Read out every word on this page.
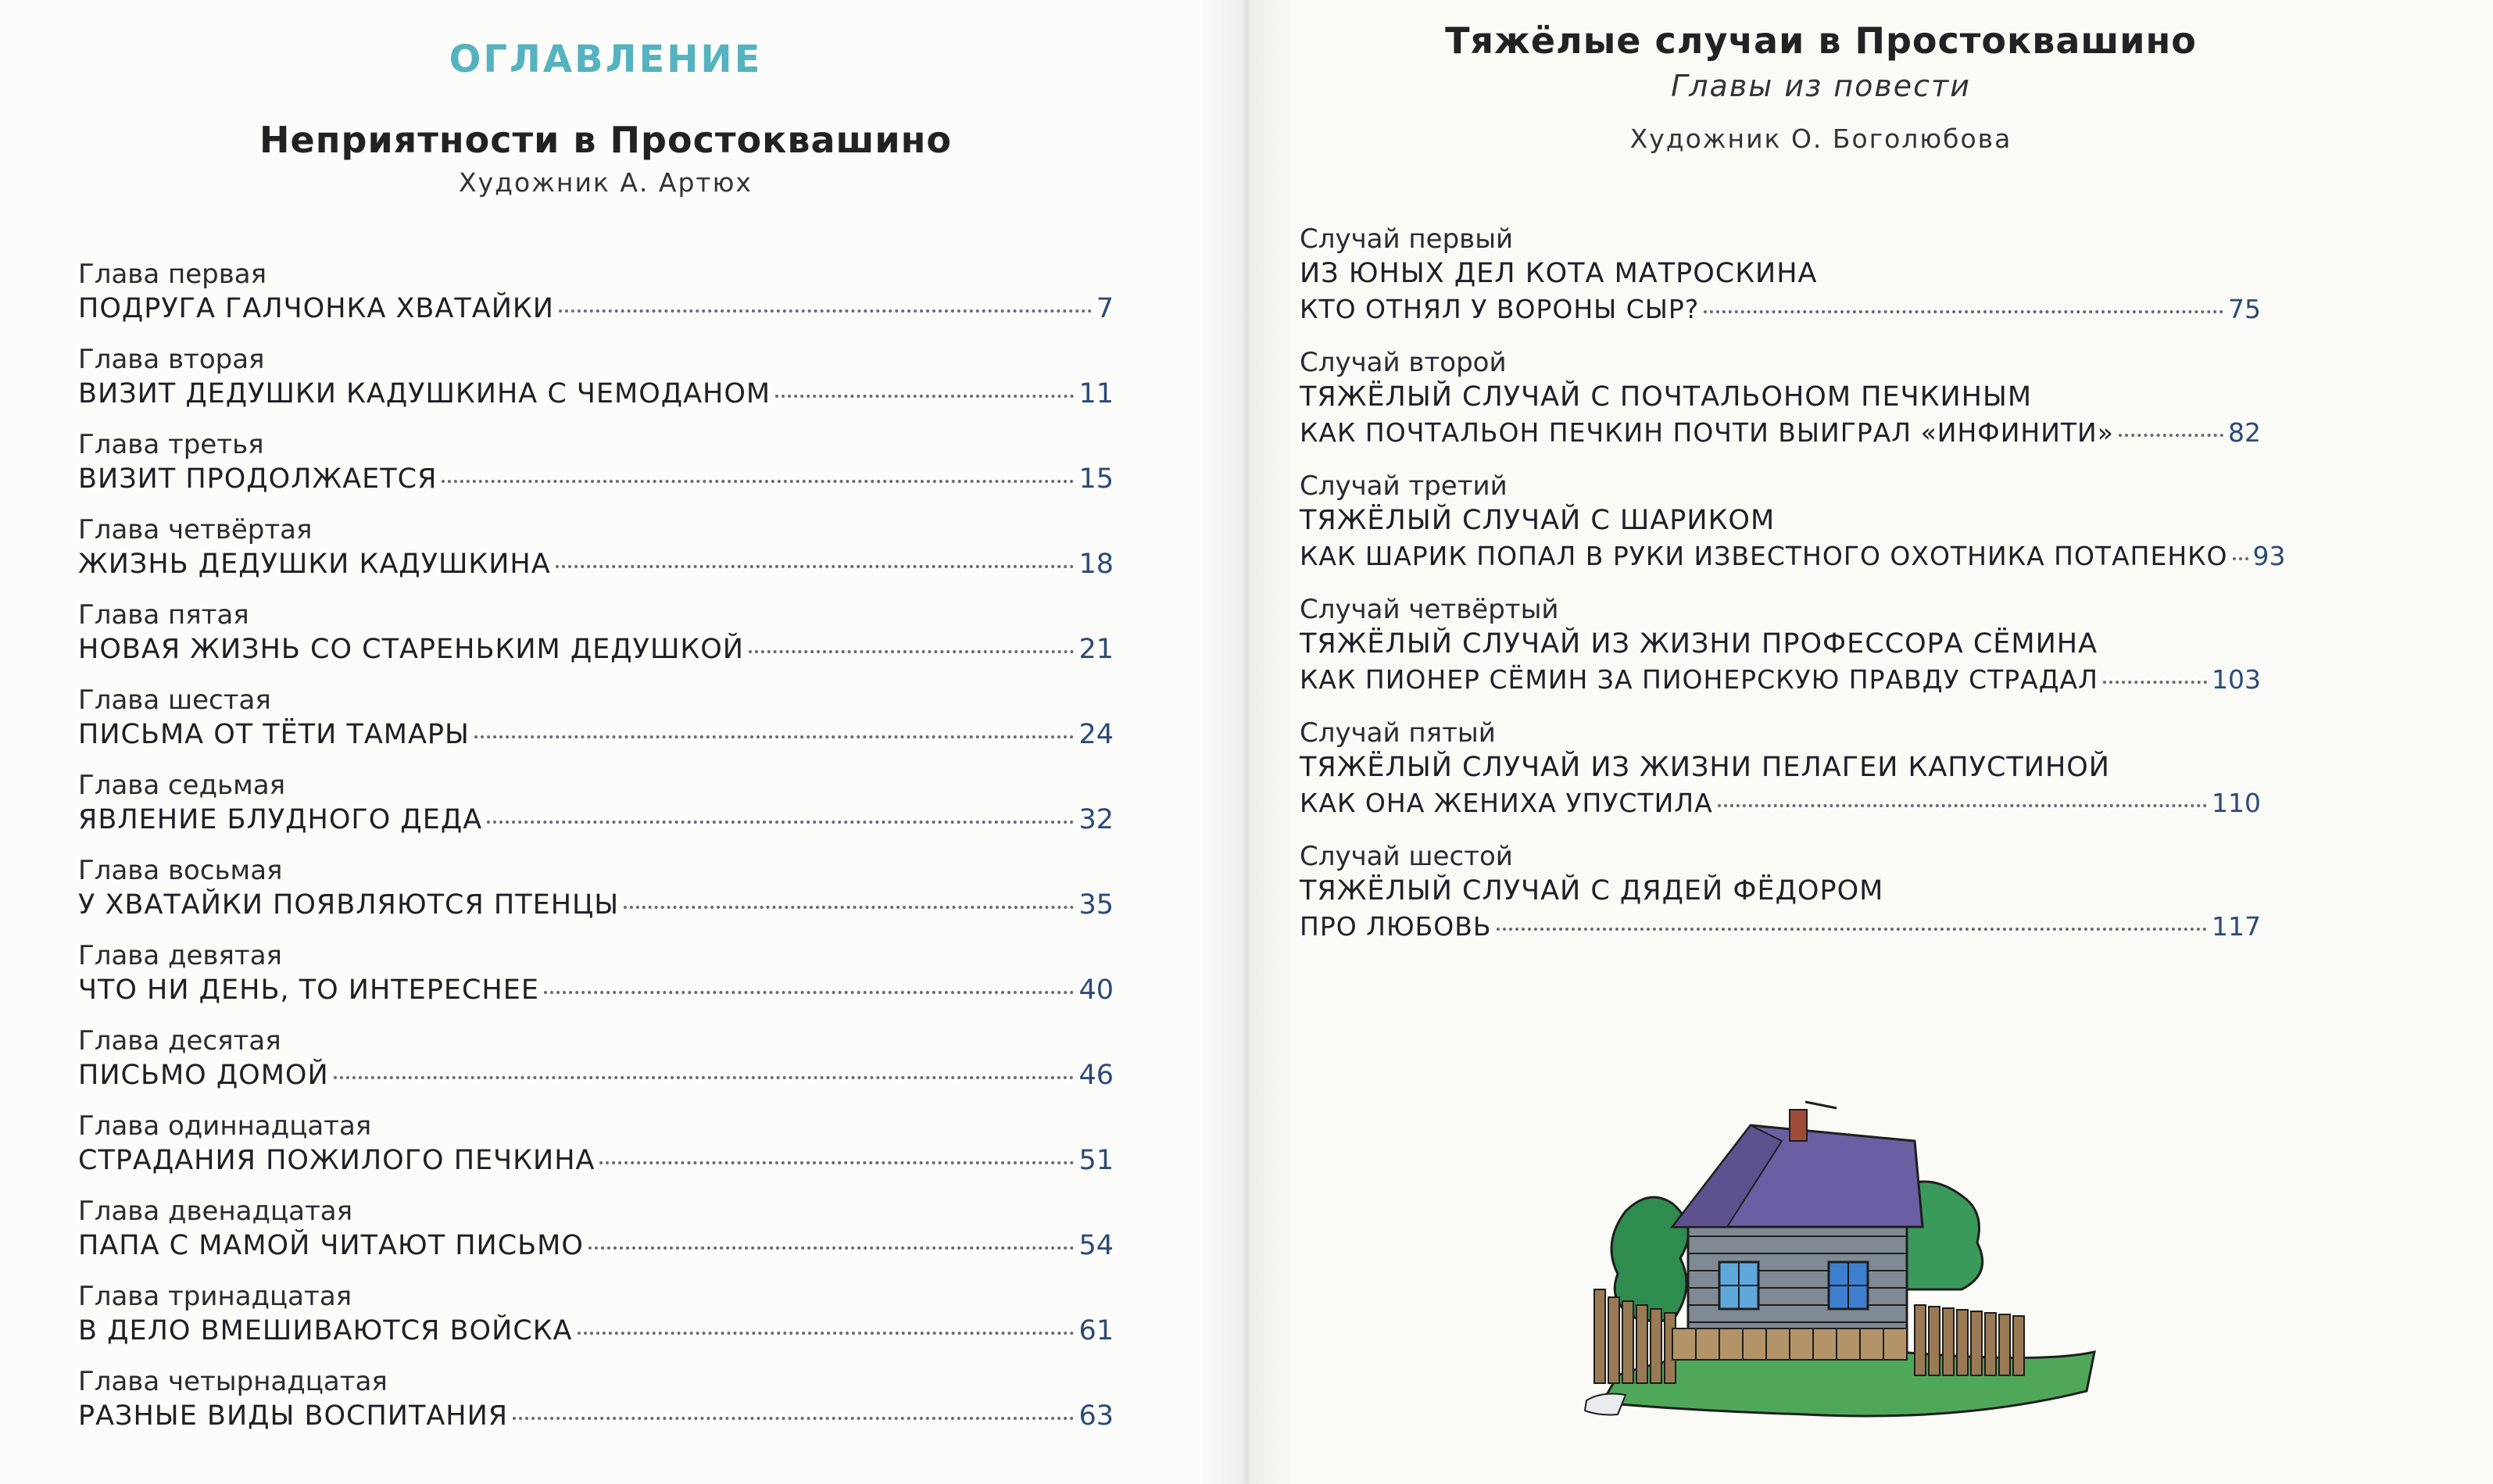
ОГЛАВЛЕНИЕ
Неприятности в Простоквашино
Художник А. Артюх
Глава первая
ПОДРУГА ГАЛЧОНКА ХВАТАЙКИ	7
Глава вторая
ВИЗИТ ДЕДУШКИ КАДУШКИНА С ЧЕМОДАНОМ	11
Глава третья
ВИЗИТ ПРОДОЛЖАЕТСЯ	15
Глава четвёртая
ЖИЗНЬ ДЕДУШКИ КАДУШКИНА	18
Глава пятая
НОВАЯ ЖИЗНЬ СО СТАРЕНЬКИМ ДЕДУШКОЙ	21
Глава шестая
ПИСЬМА ОТ ТЁТИ ТАМАРЫ	24
Глава седьмая
ЯВЛЕНИЕ БЛУДНОГО ДЕДА	32
Глава восьмая
У ХВАТАЙКИ ПОЯВЛЯЮТСЯ ПТЕНЦЫ	35
Глава девятая
ЧТО НИ ДЕНЬ, ТО ИНТЕРЕСНЕЕ	40
Глава десятая
ПИСЬМО ДОМОЙ	46
Глава одиннадцатая
СТРАДАНИЯ ПОЖИЛОГО ПЕЧКИНА	51
Глава двенадцатая
ПАПА С МАМОЙ ЧИТАЮТ ПИСЬМО	54
Глава тринадцатая
В ДЕЛО ВМЕШИВАЮТСЯ ВОЙСКА	61
Глава четырнадцатая
РАЗНЫЕ ВИДЫ ВОСПИТАНИЯ	63
Тяжёлые случаи в Простоквашино
Главы из повести
Художник О. Боголюбова
Случай первый
ИЗ ЮНЫХ ДЕЛ КОТА МАТРОСКИНА
КТО ОТНЯЛ У ВОРОНЫ СЫР?	75
Случай второй
ТЯЖЁЛЫЙ СЛУЧАЙ С ПОЧТАЛЬОНОМ ПЕЧКИНЫМ
КАК ПОЧТАЛЬОН ПЕЧКИН ПОЧТИ ВЫИГРАЛ «ИНФИНИТИ»	82
Случай третий
ТЯЖЁЛЫЙ СЛУЧАЙ С ШАРИКОМ
КАК ШАРИК ПОПАЛ В РУКИ ИЗВЕСТНОГО ОХОТНИКА ПОТАПЕНКО 93
Случай четвёртый
ТЯЖЁЛЫЙ СЛУЧАЙ ИЗ ЖИЗНИ ПРОФЕССОРА СЁМИНА
КАК ПИОНЕР СЁМИН ЗА ПИОНЕРСКУЮ ПРАВДУ СТРАДАЛ	103
Случай пятый
ТЯЖЁЛЫЙ СЛУЧАЙ ИЗ ЖИЗНИ ПЕЛАГЕИ КАПУСТИНОЙ
КАК ОНА ЖЕНИХА УПУСТИЛА	110
Случай шестой
ТЯЖЁЛЫЙ СЛУЧАЙ С ДЯДЕЙ ФЁДОРОМ
ПРО ЛЮБОВЬ	117
